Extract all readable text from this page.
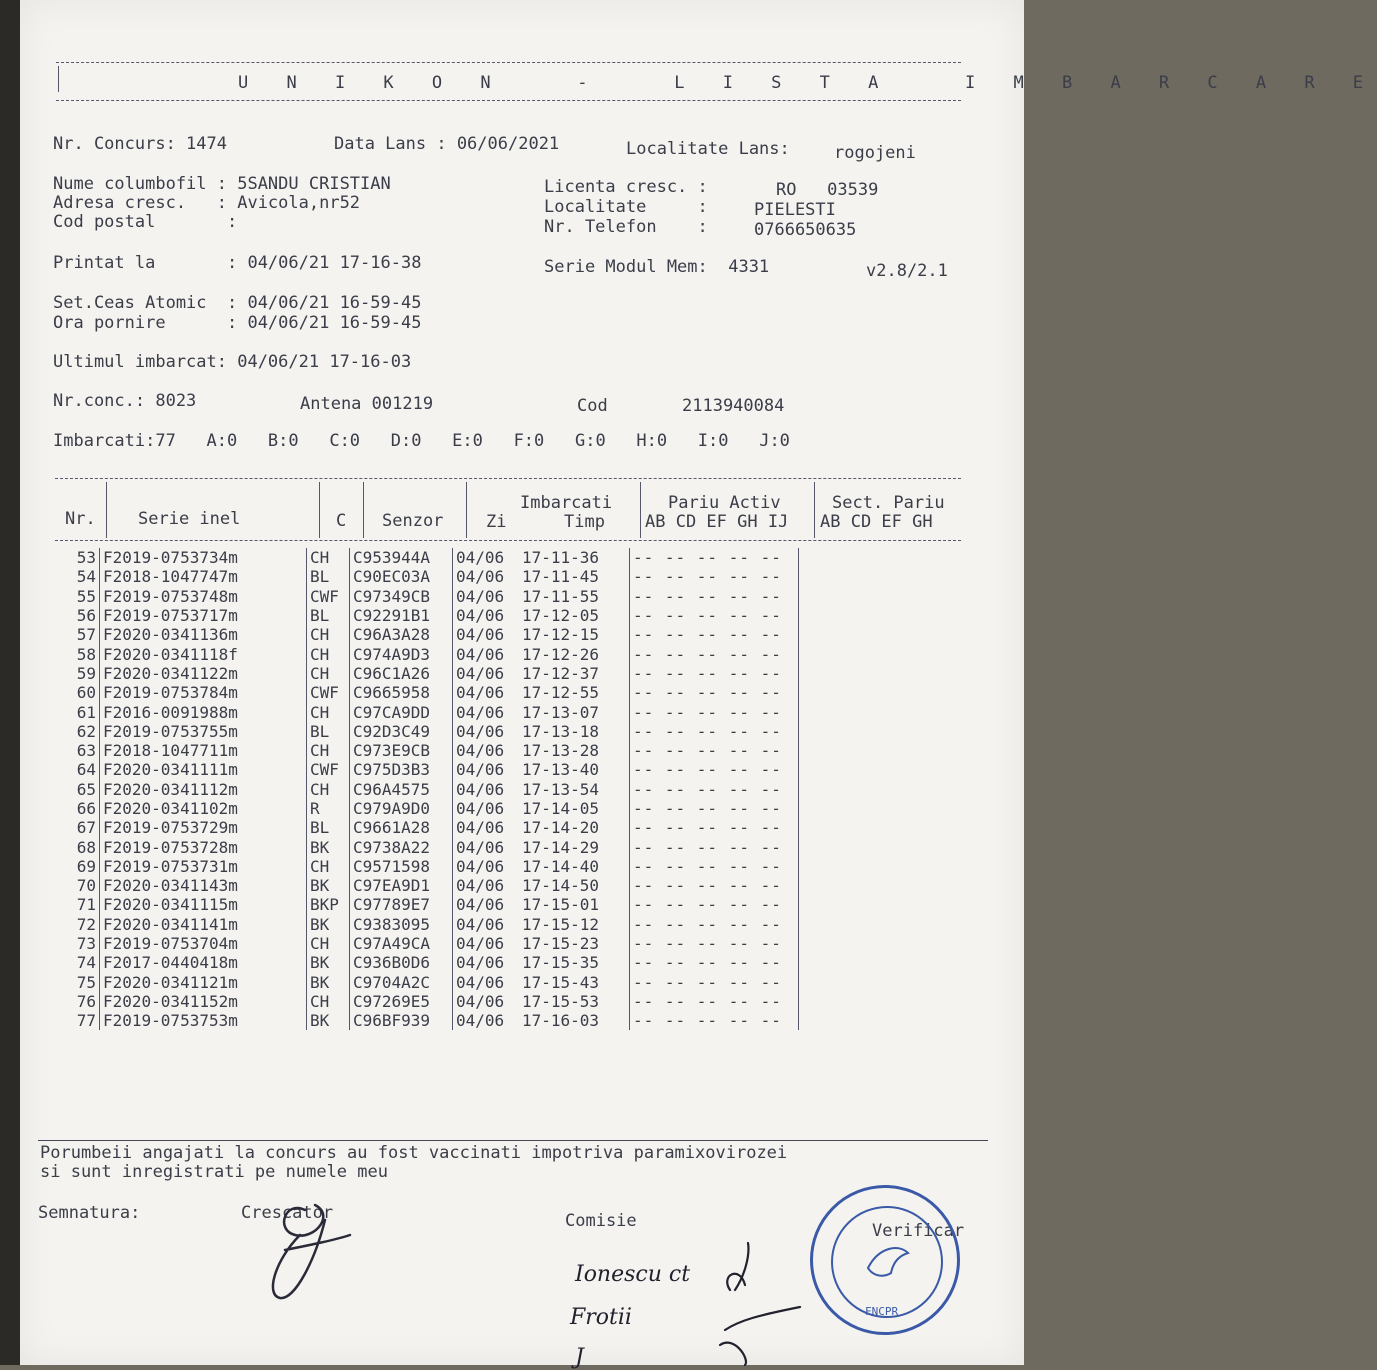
U N I K O N   -   L I S T A   I M B A R C A R E
Nr. Concurs: 1474	Data Lans : 06/06/2021	Localitate Lans:	rogojeni
Nume columbofil : 5SANDU CRISTIAN
Adresa cresc.   : Avicola,nr52
Cod postal       :
Licenta cresc. :	RO   03539
Localitate     :	PIELESTI
Nr. Telefon    :	0766650635
Printat la       : 04/06/21 17-16-38	Serie Modul Mem:  4331	v2.8/2.1
Set.Ceas Atomic  : 04/06/21 16-59-45
Ora pornire      : 04/06/21 16-59-45
Ultimul imbarcat: 04/06/21 17-16-03
Nr.conc.: 8023	Antena 001219	Cod	2113940084
Imbarcati:77   A:0   B:0   C:0   D:0   E:0   F:0   G:0   H:0   I:0   J:0
Nr. Serie inel	C Senzor
Imbarcati
Zi	Timp
Pariu Activ
AB CD EF GH IJ
Sect. Pariu
AB CD EF GH
53	F2019-0753734m	CH	C953944A	04/06	17-11-36	-- -- -- -- --
54	F2018-1047747m	BL	C90EC03A	04/06	17-11-45	-- -- -- -- --
55	F2019-0753748m	CWF	C97349CB	04/06	17-11-55	-- -- -- -- --
56	F2019-0753717m	BL	C92291B1	04/06	17-12-05	-- -- -- -- --
57	F2020-0341136m	CH	C96A3A28	04/06	17-12-15	-- -- -- -- --
58	F2020-0341118f	CH	C974A9D3	04/06	17-12-26	-- -- -- -- --
59	F2020-0341122m	CH	C96C1A26	04/06	17-12-37	-- -- -- -- --
60	F2019-0753784m	CWF	C9665958	04/06	17-12-55	-- -- -- -- --
61	F2016-0091988m	CH	C97CA9DD	04/06	17-13-07	-- -- -- -- --
62	F2019-0753755m	BL	C92D3C49	04/06	17-13-18	-- -- -- -- --
63	F2018-1047711m	CH	C973E9CB	04/06	17-13-28	-- -- -- -- --
64	F2020-0341111m	CWF	C975D3B3	04/06	17-13-40	-- -- -- -- --
65	F2020-0341112m	CH	C96A4575	04/06	17-13-54	-- -- -- -- --
66	F2020-0341102m	R	C979A9D0	04/06	17-14-05	-- -- -- -- --
67	F2019-0753729m	BL	C9661A28	04/06	17-14-20	-- -- -- -- --
68	F2019-0753728m	BK	C9738A22	04/06	17-14-29	-- -- -- -- --
69	F2019-0753731m	CH	C9571598	04/06	17-14-40	-- -- -- -- --
70	F2020-0341143m	BK	C97EA9D1	04/06	17-14-50	-- -- -- -- --
71	F2020-0341115m	BKP	C97789E7	04/06	17-15-01	-- -- -- -- --
72	F2020-0341141m	BK	C9383095	04/06	17-15-12	-- -- -- -- --
73	F2019-0753704m	CH	C97A49CA	04/06	17-15-23	-- -- -- -- --
74	F2017-0440418m	BK	C936B0D6	04/06	17-15-35	-- -- -- -- --
75	F2020-0341121m	BK	C9704A2C	04/06	17-15-43	-- -- -- -- --
76	F2020-0341152m	CH	C97269E5	04/06	17-15-53	-- -- -- -- --
77	F2019-0753753m	BK	C96BF939	04/06	17-16-03	-- -- -- -- --
Porumbeii angajati la concurs au fost vaccinati impotriva paramixovirozei
si sunt inregistrati pe numele meu
Semnatura:	Crescator	Comisie	Verificar
Ionescu ct
Frotii
J
FNCPR
